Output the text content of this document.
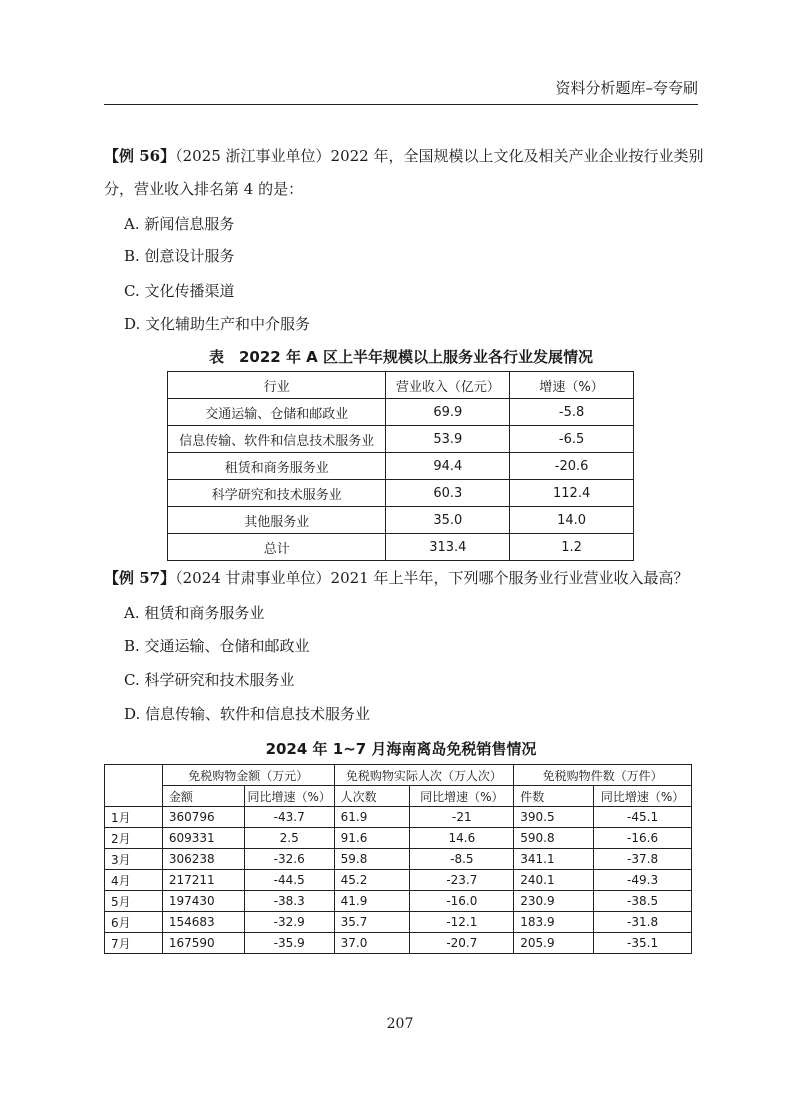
资料分析题库–夸夸刷
【例 56】（2025 浙江事业单位）2022 年，全国规模以上文化及相关产业企业按行业类别
分，营业收入排名第 4 的是：
A. 新闻信息服务
B. 创意设计服务
C. 文化传播渠道
D. 文化辅助生产和中介服务
表　2022 年 A 区上半年规模以上服务业各行业发展情况
行业	营业收入（亿元）	增速（%）
交通运输、仓储和邮政业	69.9	-5.8
信息传输、软件和信息技术服务业	53.9	-6.5
租赁和商务服务业	94.4	-20.6
科学研究和技术服务业	60.3	112.4
其他服务业	35.0	14.0
总计	313.4	1.2
【例 57】（2024 甘肃事业单位）2021 年上半年，下列哪个服务业行业营业收入最高？
A. 租赁和商务服务业
B. 交通运输、仓储和邮政业
C. 科学研究和技术服务业
D. 信息传输、软件和信息技术服务业
2024 年 1~7 月海南离岛免税销售情况
	免税购物金额（万元）		免税购物实际人次（万人次）		免税购物件数（万件）	
	金额	同比增速（%）	人次数	同比增速（%）	件数	同比增速（%）
1月	360796	-43.7	61.9	-21	390.5	-45.1
2月	609331	2.5	91.6	14.6	590.8	-16.6
3月	306238	-32.6	59.8	-8.5	341.1	-37.8
4月	217211	-44.5	45.2	-23.7	240.1	-49.3
5月	197430	-38.3	41.9	-16.0	230.9	-38.5
6月	154683	-32.9	35.7	-12.1	183.9	-31.8
7月	167590	-35.9	37.0	-20.7	205.9	-35.1
207
